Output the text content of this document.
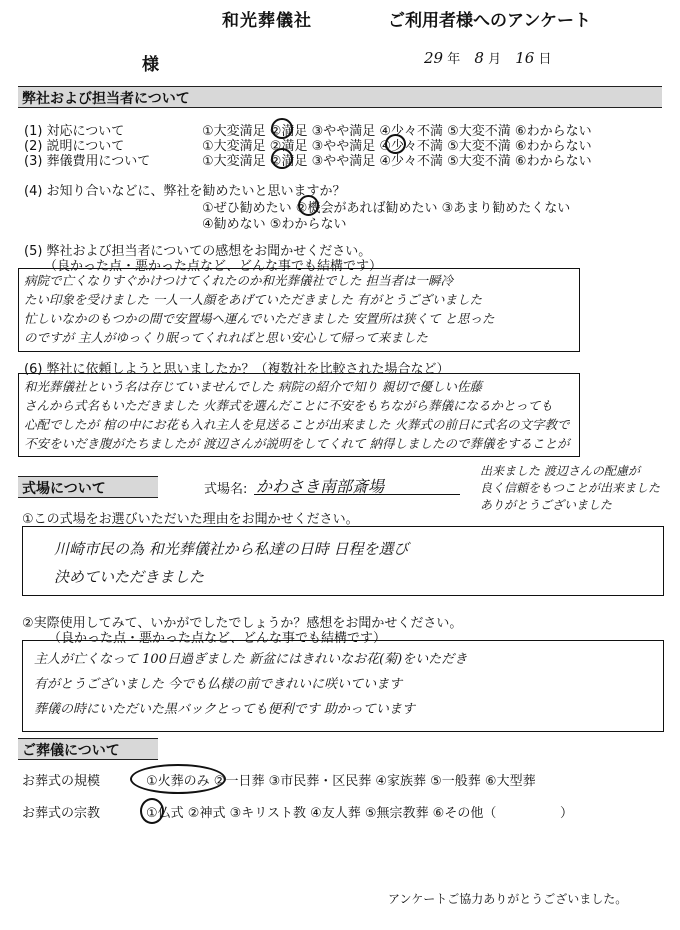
和光葬儀社	ご利用者様へのアンケート
様	29 年 8 月 16 日
弊社および担当者について
(1) 対応について	①大変満足 ②満足 ③やや満足 ④少々不満 ⑤大変不満 ⑥わからない
(2) 説明について	①大変満足 ②満足 ③やや満足 ④少々不満 ⑤大変不満 ⑥わからない
(3) 葬儀費用について	①大変満足 ②満足 ③やや満足 ④少々不満 ⑤大変不満 ⑥わからない
(4) お知り合いなどに、弊社を勧めたいと思いますか？
①ぜひ勧めたい ②機会があれば勧めたい ③あまり勧めたくない
④勧めない ⑤わからない
(5) 弊社および担当者についての感想をお聞かせください。
（良かった点・悪かった点など、どんな事でも結構です）
病院で亡くなりすぐかけつけてくれたのか和光葬儀社でした 担当者は一瞬冷
たい印象を受けました 一人一人顔をあげていただきました 有がとうございました
忙しいなかのもつかの間で安置場へ運んでいただきました 安置所は狭くて と思った
のですが 主人がゆっくり眠ってくれればと思い安心して帰って来ました
(6) 弊社に依頼しようと思いましたか？（複数社を比較された場合など）
和光葬儀社という名は存じていませんでした 病院の紹介で知り 親切で優しい佐藤
さんから式名もいただきました 火葬式を選んだことに不安をもちながら葬儀になるかとっても
心配でしたが 棺の中にお花も入れ主人を見送ることが出来ました 火葬式の前日に式名の文字教で
不安をいだき腹がたちましたが 渡辺さんが説明をしてくれて 納得しましたので葬儀をすることが
出来ました 渡辺さんの配慮が
良く信頼をもつことが出来ました
ありがとうございました
式場について	式場名: かわさき南部斎場
①この式場をお選びいただいた理由をお聞かせください。
川崎市民の為 和光葬儀社から私達の日時 日程を選び
決めていただきました
②実際使用してみて、いかがでしたでしょうか？感想をお聞かせください。
（良かった点・悪かった点など、どんな事でも結構です）
主人が亡くなって 100日過ぎました 新盆にはきれいなお花(菊)をいただき
有がとうございました 今でも仏様の前できれいに咲いています
葬儀の時にいただいた黒バックとっても便利です 助かっています
ご葬儀について
お葬式の規模	①火葬のみ ②一日葬 ③市民葬・区民葬 ④家族葬 ⑤一般葬 ⑥大型葬
お葬式の宗教	①仏式 ②神式 ③キリスト教 ④友人葬 ⑤無宗教葬 ⑥その他（	）
アンケートご協力ありがとうございました。
